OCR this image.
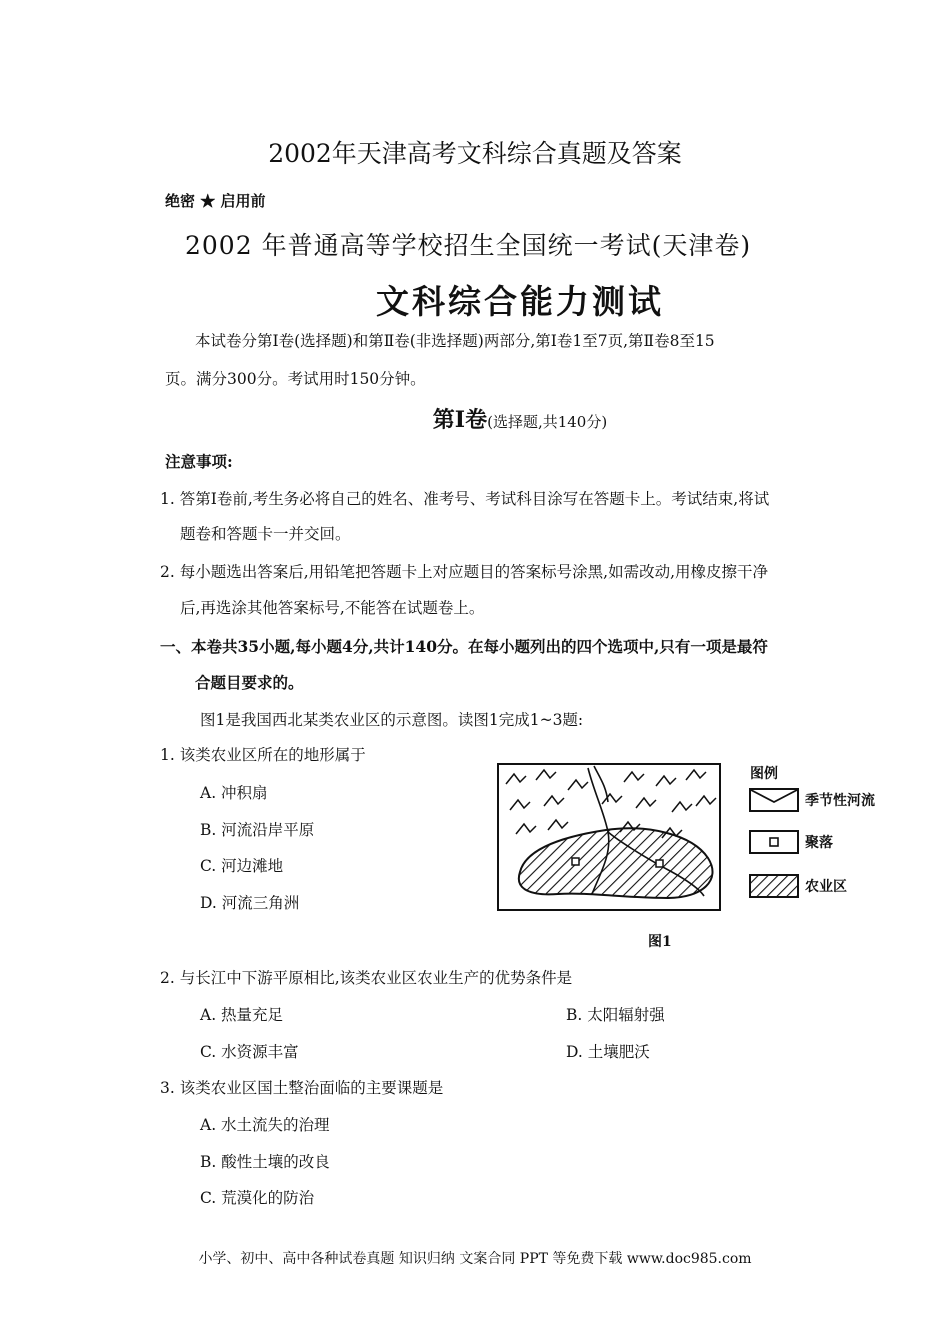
2002年天津高考文科综合真题及答案
绝密 ★ 启用前
2002 年普通高等学校招生全国统一考试(天津卷)
文科综合能力测试
本试卷分第Ⅰ卷(选择题)和第Ⅱ卷(非选择题)两部分,第Ⅰ卷1至7页,第Ⅱ卷8至15
页。满分300分。考试用时150分钟。
第Ⅰ卷(选择题,共140分)
注意事项:
1. 答第Ⅰ卷前,考生务必将自己的姓名、准考号、考试科目涂写在答题卡上。考试结束,将试
题卷和答题卡一并交回。
2. 每小题选出答案后,用铅笔把答题卡上对应题目的答案标号涂黑,如需改动,用橡皮擦干净
后,再选涂其他答案标号,不能答在试题卷上。
一、本卷共35小题,每小题4分,共计140分。在每小题列出的四个选项中,只有一项是最符
合题目要求的。
图1是我国西北某类农业区的示意图。读图1完成1~3题:
1. 该类农业区所在的地形属于
A. 冲积扇
B. 河流沿岸平原
C. 河边滩地
D. 河流三角洲
图例
季节性河流
聚落
农业区
图1
2. 与长江中下游平原相比,该类农业区农业生产的优势条件是
A. 热量充足	B. 太阳辐射强
C. 水资源丰富	D. 土壤肥沃
3. 该类农业区国土整治面临的主要课题是
A. 水土流失的治理
B. 酸性土壤的改良
C. 荒漠化的防治
小学、初中、高中各种试卷真题 知识归纳 文案合同 PPT 等免费下载 www.doc985.com
